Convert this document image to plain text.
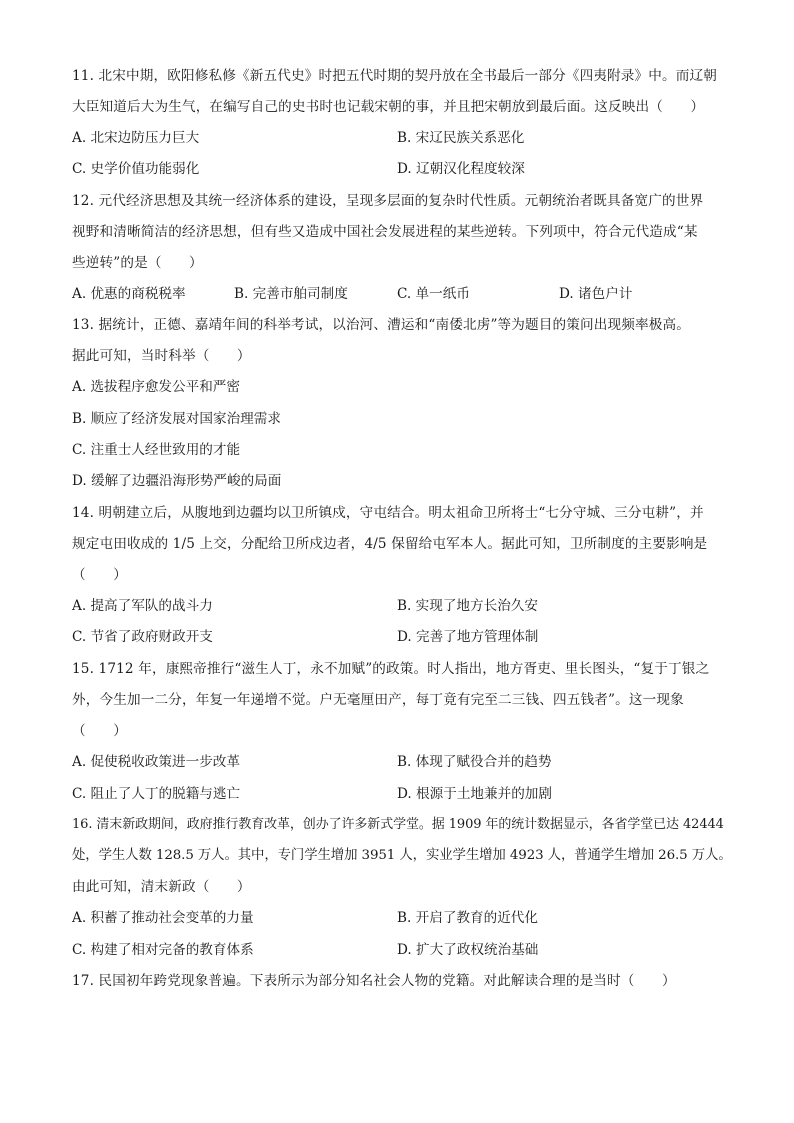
11. 北宋中期，欧阳修私修《新五代史》时把五代时期的契丹放在全书最后一部分《四夷附录》中。而辽朝
大臣知道后大为生气，在编写自己的史书时也记载宋朝的事，并且把宋朝放到最后面。这反映出（　　）
A. 北宋边防压力巨大	B. 宋辽民族关系恶化
C. 史学价值功能弱化	D. 辽朝汉化程度较深
12. 元代经济思想及其统一经济体系的建设，呈现多层面的复杂时代性质。元朝统治者既具备宽广的世界
视野和清晰简洁的经济思想，但有些又造成中国社会发展进程的某些逆转。下列项中，符合元代造成“某
些逆转”的是（　　）
A. 优惠的商税税率	B. 完善市舶司制度	C. 单一纸币	D. 诸色户计
13. 据统计，正德、嘉靖年间的科举考试，以治河、漕运和“南倭北虏”等为题目的策问出现频率极高。
据此可知，当时科举（　　）
A. 选拔程序愈发公平和严密
B. 顺应了经济发展对国家治理需求
C. 注重士人经世致用的才能
D. 缓解了边疆沿海形势严峻的局面
14. 明朝建立后，从腹地到边疆均以卫所镇戍，守屯结合。明太祖命卫所将士“七分守城、三分屯耕”，并
规定屯田收成的 1/5 上交，分配给卫所戍边者，4/5 保留给屯军本人。据此可知，卫所制度的主要影响是
（　　）
A. 提高了军队的战斗力	B. 实现了地方长治久安
C. 节省了政府财政开支	D. 完善了地方管理体制
15. 1712 年，康熙帝推行“滋生人丁，永不加赋”的政策。时人指出，地方胥吏、里长图头，“复于丁银之
外，今生加一二分，年复一年递增不觉。户无毫厘田产，每丁竟有完至二三钱、四五钱者”。这一现象
（　　）
A. 促使税收政策进一步改革	B. 体现了赋役合并的趋势
C. 阻止了人丁的脱籍与逃亡	D. 根源于土地兼并的加剧
16. 清末新政期间，政府推行教育改革，创办了许多新式学堂。据 1909 年的统计数据显示，各省学堂已达 42444
处，学生人数 128.5 万人。其中，专门学生增加 3951 人，实业学生增加 4923 人，普通学生增加 26.5 万人。
由此可知，清末新政（　　）
A. 积蓄了推动社会变革的力量	B. 开启了教育的近代化
C. 构建了相对完备的教育体系	D. 扩大了政权统治基础
17. 民国初年跨党现象普遍。下表所示为部分知名社会人物的党籍。对此解读合理的是当时（　　）
